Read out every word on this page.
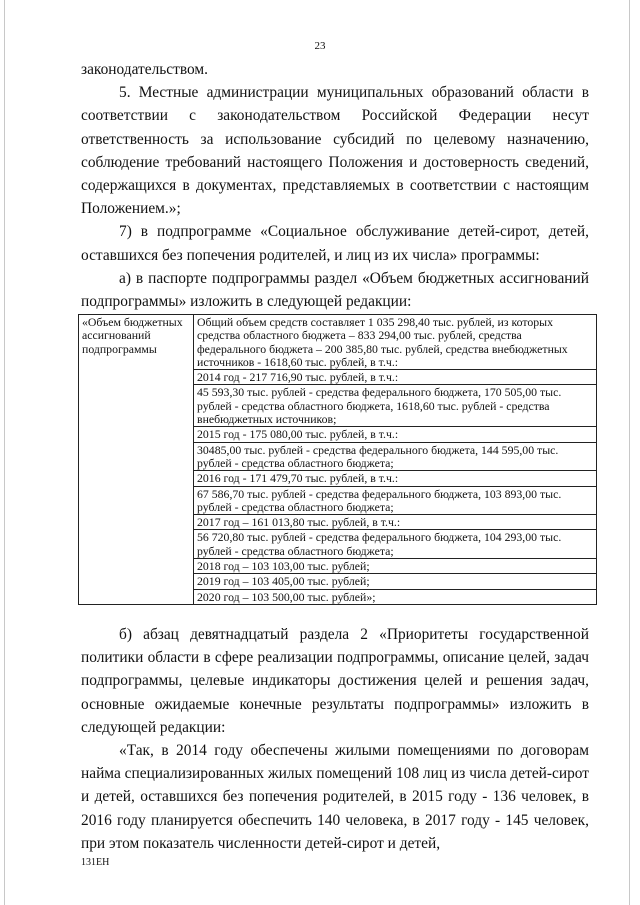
23

законодательством.

5. Местные администрации муниципальных образований области в соответствии с законодательством Российской Федерации несут ответственность за использование субсидий по целевому назначению, соблюдение требований настоящего Положения и достоверность сведений, содержащихся в документах, представляемых в соответствии с настоящим Положением.»;

7) в подпрограмме «Социальное обслуживание детей-сирот, детей, оставшихся без попечения родителей, и лиц из их числа» программы:

а) в паспорте подпрограммы раздел «Объем бюджетных ассигнований подпрограммы» изложить в следующей редакции:

«Объем бюджетных ассигнований подпрограммы	Общий объем средств составляет 1 035 298,40 тыс. рублей, из которых средства областного бюджета – 833 294,00 тыс. рублей, средства федерального бюджета – 200 385,80 тыс. рублей, средства внебюджетных источников - 1618,60 тыс. рублей, в т.ч.:
2014 год - 217 716,90 тыс. рублей, в т.ч.:
45 593,30 тыс. рублей - средства федерального бюджета, 170 505,00 тыс. рублей - средства областного бюджета, 1618,60 тыс. рублей - средства внебюджетных источников;
2015 год - 175 080,00 тыс. рублей, в т.ч.:
30485,00 тыс. рублей - средства федерального бюджета, 144 595,00 тыс. рублей - средства областного бюджета;
2016 год - 171 479,70 тыс. рублей, в т.ч.:
67 586,70 тыс. рублей - средства федерального бюджета, 103 893,00 тыс. рублей - средства областного бюджета;
2017 год – 161 013,80 тыс. рублей, в т.ч.:
56 720,80 тыс. рублей - средства федерального бюджета, 104 293,00 тыс. рублей - средства областного бюджета;
2018 год – 103 103,00 тыс. рублей;
2019 год – 103 405,00 тыс. рублей;
2020 год – 103 500,00 тыс. рублей»;

б) абзац девятнадцатый раздела 2 «Приоритеты государственной политики области в сфере реализации подпрограммы, описание целей, задач подпрограммы, целевые индикаторы достижения целей и решения задач, основные ожидаемые конечные результаты подпрограммы» изложить в следующей редакции:

«Так, в 2014 году обеспечены жилыми помещениями по договорам найма специализированных жилых помещений 108 лиц из числа детей-сирот и детей, оставшихся без попечения родителей, в 2015 году - 136 человек, в 2016 году планируется обеспечить 140 человека, в 2017 году - 145 человек, при этом показатель численности детей-сирот и детей,

131ЕН
